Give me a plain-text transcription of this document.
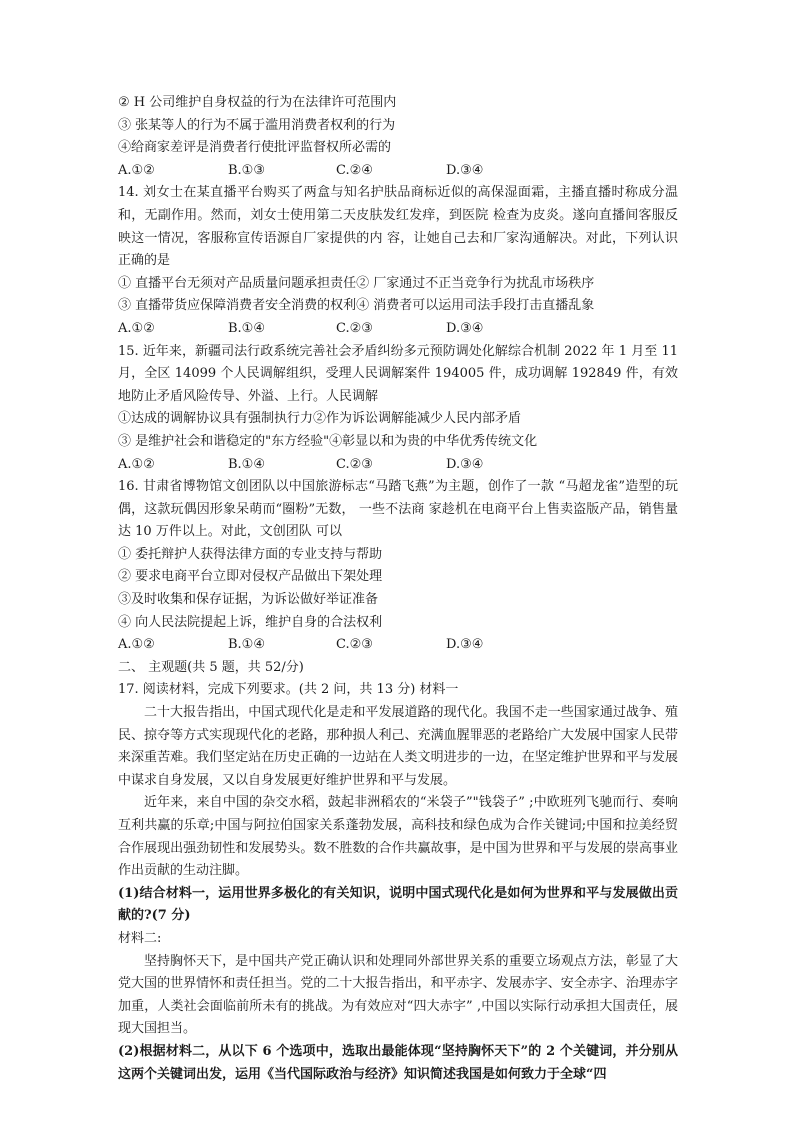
② H 公司维护自身权益的行为在法律许可范围内
③ 张某等人的行为不属于滥用消费者权利的行为
④给商家差评是消费者行使批评监督权所必需的
A.①②	B.①③	C.②④	D.③④

14. 刘女士在某直播平台购买了两盒与知名护肤品商标近似的高保湿面霜，主播直播时称成分温和，无副作用。然而，刘女士使用第二天皮肤发红发痒，到医院 检查为皮炎。遂向直播间客服反映这一情况，客服称宣传语源自厂家提供的内 容，让她自己去和厂家沟通解决。对此，下列认识正确的是

① 直播平台无须对产品质量问题承担责任② 厂家通过不正当竞争行为扰乱市场秩序
③ 直播带货应保障消费者安全消费的权利④ 消费者可以运用司法手段打击直播乱象
A.①②	B.①④	C.②③	D.③④

15. 近年来，新疆司法行政系统完善社会矛盾纠纷多元预防调处化解综合机制 2022 年 1 月至 11 月，全区 14099 个人民调解组织，受理人民调解案件 194005 件，成功调解 192849 件，有效地防止矛盾风险传导、外溢、上行。人民调解

①达成的调解协议具有强制执行力②作为诉讼调解能减少人民内部矛盾
③ 是维护社会和谐稳定的"东方经验"④彰显以和为贵的中华优秀传统文化
A.①②	B.①④	C.②③	D.③④

16. 甘肃省博物馆文创团队以中国旅游标志“马踏飞燕”为主题，创作了一款 “马超龙雀”造型的玩偶，这款玩偶因形象呆萌而“圈粉”无数， 一些不法商 家趁机在电商平台上售卖盗版产品，销售量达 10 万件以上。对此，文创团队 可以

① 委托辩护人获得法律方面的专业支持与帮助
② 要求电商平台立即对侵权产品做出下架处理
③及时收集和保存证据，为诉讼做好举证准备
④ 向人民法院提起上诉，维护自身的合法权利
A.①②	B.①④	C.②③	D.③④
二、 主观题(共 5 题，共 52/分)
17. 阅读材料，完成下列要求。(共 2 问，共 13 分) 材料一

二十大报告指出，中国式现代化是走和平发展道路的现代化。我国不走一些国家通过战争、殖民、掠夺等方式实现现代化的老路，那种损人利己、充满血腥罪恶的老路给广大发展中国家人民带来深重苦难。我们坚定站在历史正确的一边站在人类文明进步的一边，在坚定维护世界和平与发展中谋求自身发展，又以自身发展更好维护世界和平与发展。

近年来，来自中国的杂交水稻，鼓起非洲稻农的“米袋子”"钱袋子” ;中欧班列飞驰而行、奏响互利共赢的乐章;中国与阿拉伯国家关系蓬勃发展，高科技和绿色成为合作关键词;中国和拉美经贸合作展现出强劲韧性和发展势头。数不胜数的合作共赢故事，是中国为世界和平与发展的崇高事业作出贡献的生动注脚。

(1)结合材料一，运用世界多极化的有关知识，说明中国式现代化是如何为世界和平与发展做出贡献的?(7 分)

材料二:

坚持胸怀天下，是中国共产党正确认识和处理同外部世界关系的重要立场观点方法，彰显了大党大国的世界情怀和责任担当。党的二十大报告指出，和平赤字、发展赤字、安全赤字、治理赤字加重，人类社会面临前所未有的挑战。为有效应对“四大赤字” ,中国以实际行动承担大国责任，展现大国担当。

(2)根据材料二，从以下 6 个选项中，选取出最能体现“坚持胸怀天下”的 2 个关键词，并分别从这两个关键词出发，运用《当代国际政治与经济》知识简述我国是如何致力于全球“四
